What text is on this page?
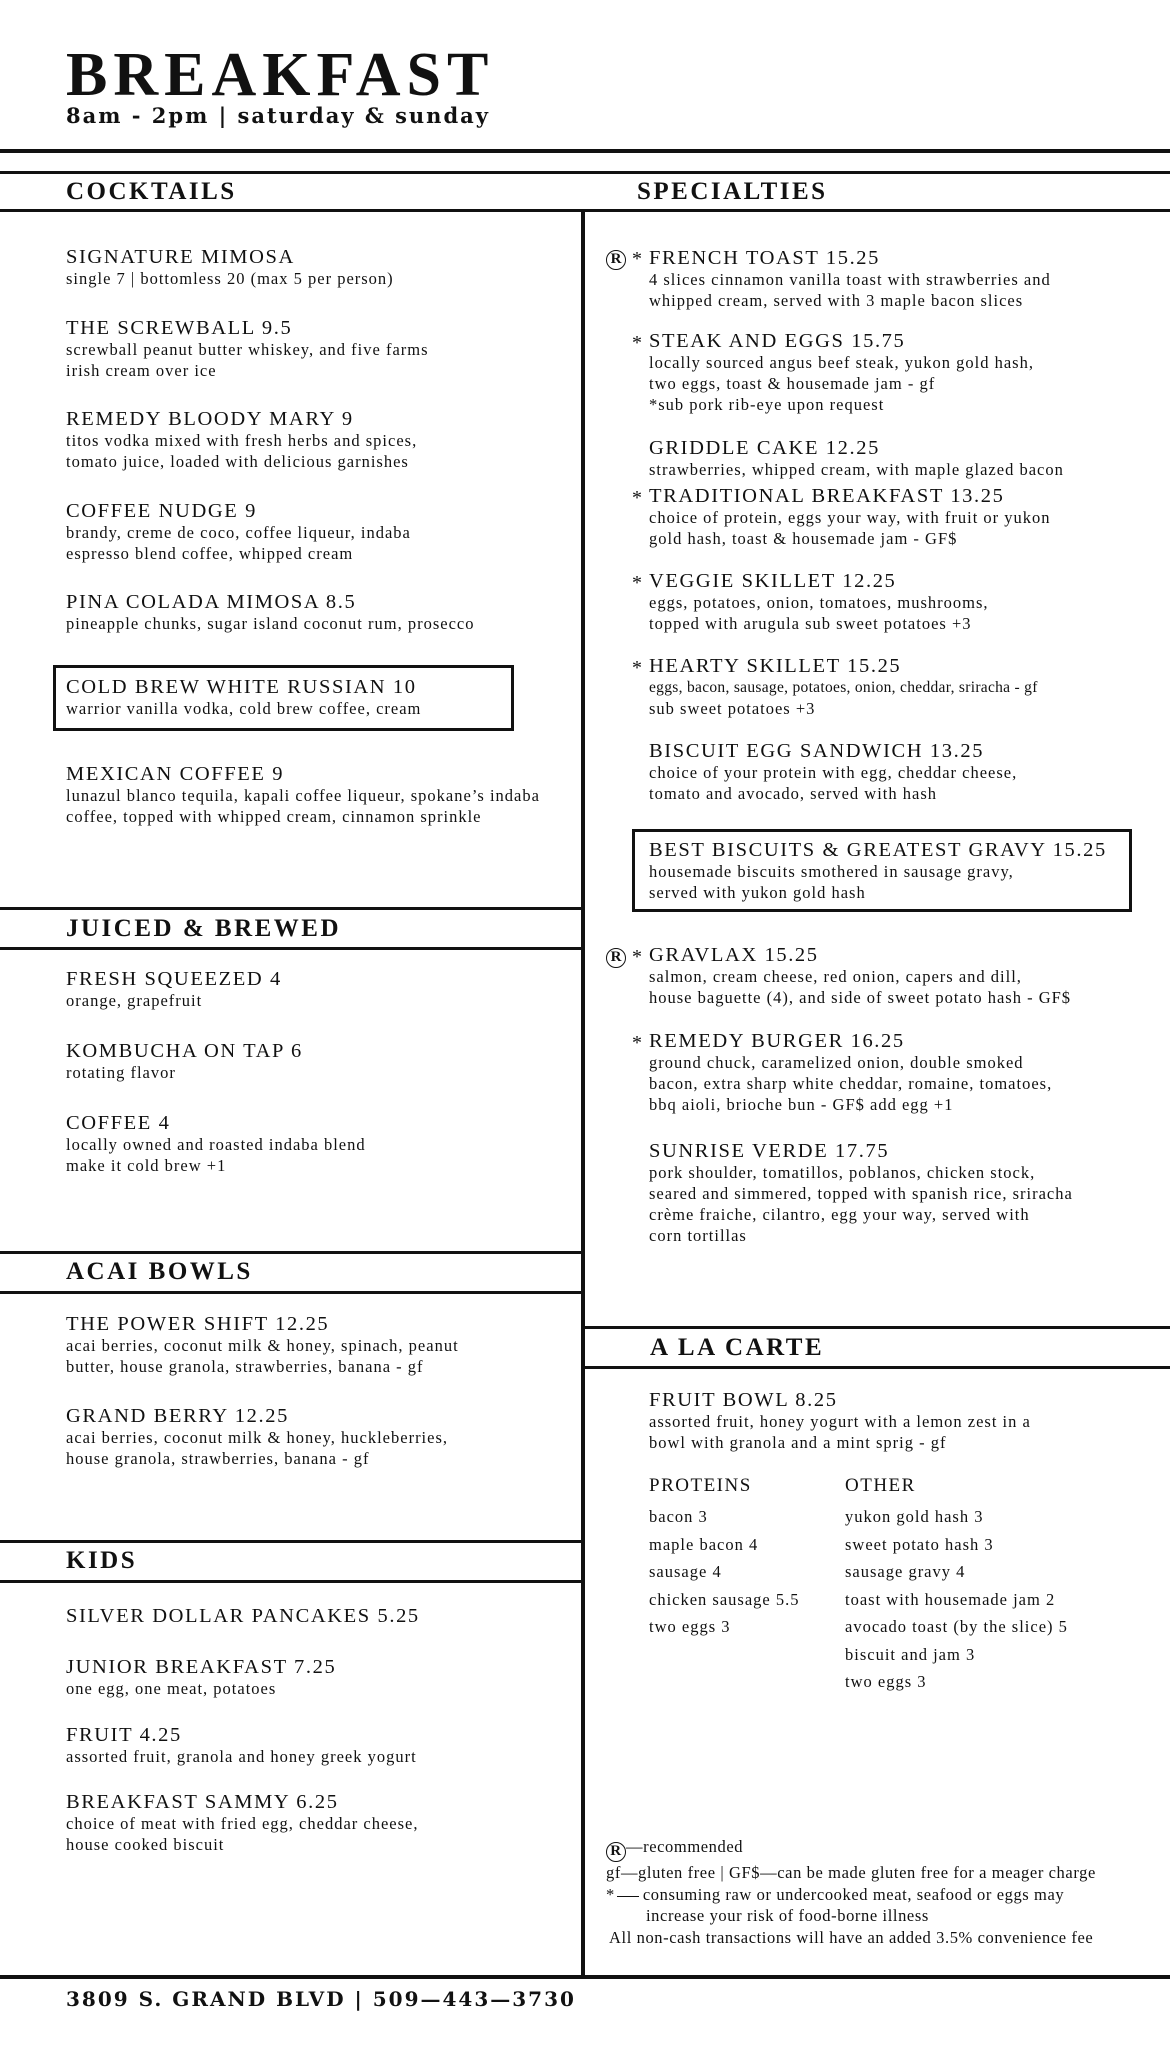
BREAKFAST
8am - 2pm | saturday & sunday
COCKTAILS	SPECIALTIES
JUICED & BREWED
ACAI BOWLS
KIDS
A LA CARTE
SIGNATURE MIMOSA
single 7 | bottomless 20 (max 5 per person)
THE SCREWBALL 9.5
screwball peanut butter whiskey, and five farms
irish cream over ice
REMEDY BLOODY MARY 9
titos vodka mixed with fresh herbs and spices,
tomato juice, loaded with delicious garnishes
COFFEE NUDGE 9
brandy, creme de coco, coffee liqueur, indaba
espresso blend coffee, whipped cream
PINA COLADA MIMOSA 8.5
pineapple chunks, sugar island coconut rum, prosecco
COLD BREW WHITE RUSSIAN 10
warrior vanilla vodka, cold brew coffee, cream
MEXICAN COFFEE 9
lunazul blanco tequila, kapali coffee liqueur, spokane’s indaba
coffee, topped with whipped cream, cinnamon sprinkle
FRESH SQUEEZED 4
orange, grapefruit
KOMBUCHA ON TAP 6
rotating flavor
COFFEE 4
locally owned and roasted indaba blend
make it cold brew +1
THE POWER SHIFT 12.25
acai berries, coconut milk & honey, spinach, peanut
butter, house granola, strawberries, banana - gf
GRAND BERRY 12.25
acai berries, coconut milk & honey, huckleberries,
house granola, strawberries, banana - gf
SILVER DOLLAR PANCAKES 5.25
JUNIOR BREAKFAST 7.25
one egg, one meat, potatoes
FRUIT 4.25
assorted fruit, granola and honey greek yogurt
BREAKFAST SAMMY 6.25
choice of meat with fried egg, cheddar cheese,
house cooked biscuit
R * FRENCH TOAST 15.25
4 slices cinnamon vanilla toast with strawberries and
whipped cream, served with 3 maple bacon slices
* STEAK AND EGGS 15.75
locally sourced angus beef steak, yukon gold hash,
two eggs, toast & housemade jam - gf
*sub pork rib-eye upon request
GRIDDLE CAKE 12.25
strawberries, whipped cream, with maple glazed bacon
* TRADITIONAL BREAKFAST 13.25
choice of protein, eggs your way, with fruit or yukon
gold hash, toast & housemade jam - GF$
* VEGGIE SKILLET 12.25
eggs, potatoes, onion, tomatoes, mushrooms,
topped with arugula sub sweet potatoes +3
* HEARTY SKILLET 15.25
eggs, bacon, sausage, potatoes, onion, cheddar, sriracha - gf
sub sweet potatoes +3
BISCUIT EGG SANDWICH 13.25
choice of your protein with egg, cheddar cheese,
tomato and avocado, served with hash
BEST BISCUITS & GREATEST GRAVY 15.25
housemade biscuits smothered in sausage gravy,
served with yukon gold hash
R * GRAVLAX 15.25
salmon, cream cheese, red onion, capers and dill,
house baguette (4), and side of sweet potato hash - GF$
* REMEDY BURGER 16.25
ground chuck, caramelized onion, double smoked
bacon, extra sharp white cheddar, romaine, tomatoes,
bbq aioli, brioche bun - GF$ add egg +1
SUNRISE VERDE 17.75
pork shoulder, tomatillos, poblanos, chicken stock,
seared and simmered, topped with spanish rice, sriracha
crème fraiche, cilantro, egg your way, served with
corn tortillas
FRUIT BOWL 8.25
assorted fruit, honey yogurt with a lemon zest in a
bowl with granola and a mint sprig - gf
PROTEINS
bacon 3
maple bacon 4
sausage 4
chicken sausage 5.5
two eggs 3
OTHER
yukon gold hash 3
sweet potato hash 3
sausage gravy 4
toast with housemade jam 2
avocado toast (by the slice) 5
biscuit and jam 3
two eggs 3
R —recommended
gf—gluten free | GF$—can be made gluten free for a meager charge
* consuming raw or undercooked meat, seafood or eggs may
increase your risk of food-borne illness
All non-cash transactions will have an added 3.5% convenience fee
3809 S. GRAND BLVD | 509—443—3730
